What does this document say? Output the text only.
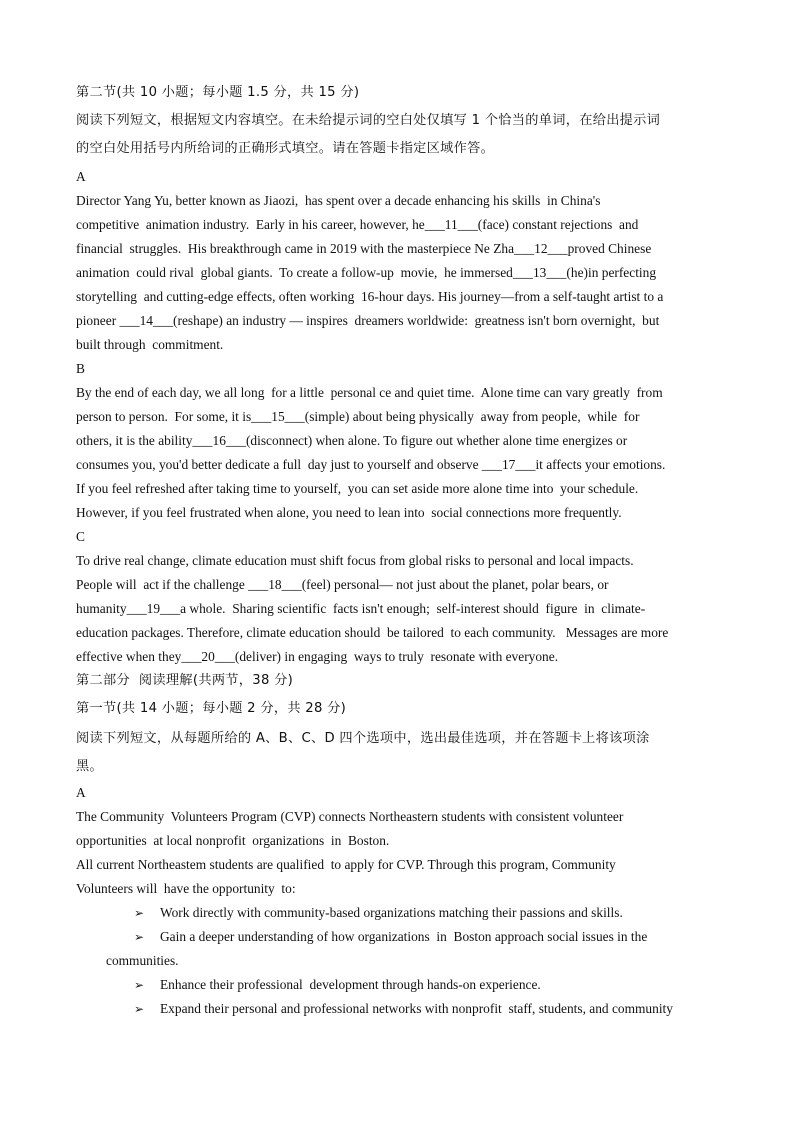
第二节(共 10 小题；每小题 1.5 分，共 15 分)
阅读下列短文，根据短文内容填空。在未给提示词的空白处仅填写 1 个恰当的单词，在给出提示词
的空白处用括号内所给词的正确形式填空。请在答题卡指定区域作答。
A
Director Yang Yu, better known as Jiaozi,  has spent over a decade enhancing his skills  in China's
competitive  animation industry.  Early in his career, however, he___11___(face) constant rejections  and
financial  struggles.  His breakthrough came in 2019 with the masterpiece Ne Zha___12___proved Chinese
animation  could rival  global giants.  To create a follow-up  movie,  he immersed___13___(he)in perfecting
storytelling  and cutting-edge effects, often working  16-hour days. His journey—from a self-taught artist to a
pioneer ___14___(reshape) an industry — inspires  dreamers worldwide:  greatness isn't born overnight,  but
built through  commitment.
B
By the end of each day, we all long  for a little  personal ce and quiet time.  Alone time can vary greatly  from
person to person.  For some, it is___15___(simple) about being physically  away from people,  while  for
others, it is the ability___16___(disconnect) when alone. To figure out whether alone time energizes or
consumes you, you'd better dedicate a full  day just to yourself and observe ___17___it affects your emotions.
If you feel refreshed after taking time to yourself,  you can set aside more alone time into  your schedule.
However, if you feel frustrated when alone, you need to lean into  social connections more frequently.
C
To drive real change, climate education must shift focus from global risks to personal and local impacts.
People will  act if the challenge ___18___(feel) personal— not just about the planet, polar bears, or
humanity___19___a whole.  Sharing scientific  facts isn't enough;  self-interest should  figure  in  climate-
education packages. Therefore, climate education should  be tailored  to each community.   Messages are more
effective when they___20___(deliver) in engaging  ways to truly  resonate with everyone.
第二部分  阅读理解(共两节，38 分)
第一节(共 14 小题；每小题 2 分，共 28 分)
阅读下列短文，从每题所给的 A、B、C、D 四个选项中，选出最佳选项，并在答题卡上将该项涂
黑。
A
The Community  Volunteers Program (CVP) connects Northeastern students with consistent volunteer
opportunities  at local nonprofit  organizations  in  Boston.
All current Northeastem students are qualified  to apply for CVP. Through this program, Community
Volunteers will  have the opportunity  to:
➢ Work directly with community-based organizations matching their passions and skills.
➢ Gain a deeper understanding of how organizations  in  Boston approach social issues in the
communities.
➢ Enhance their professional  development through hands-on experience.
➢ Expand their personal and professional networks with nonprofit  staff, students, and community
